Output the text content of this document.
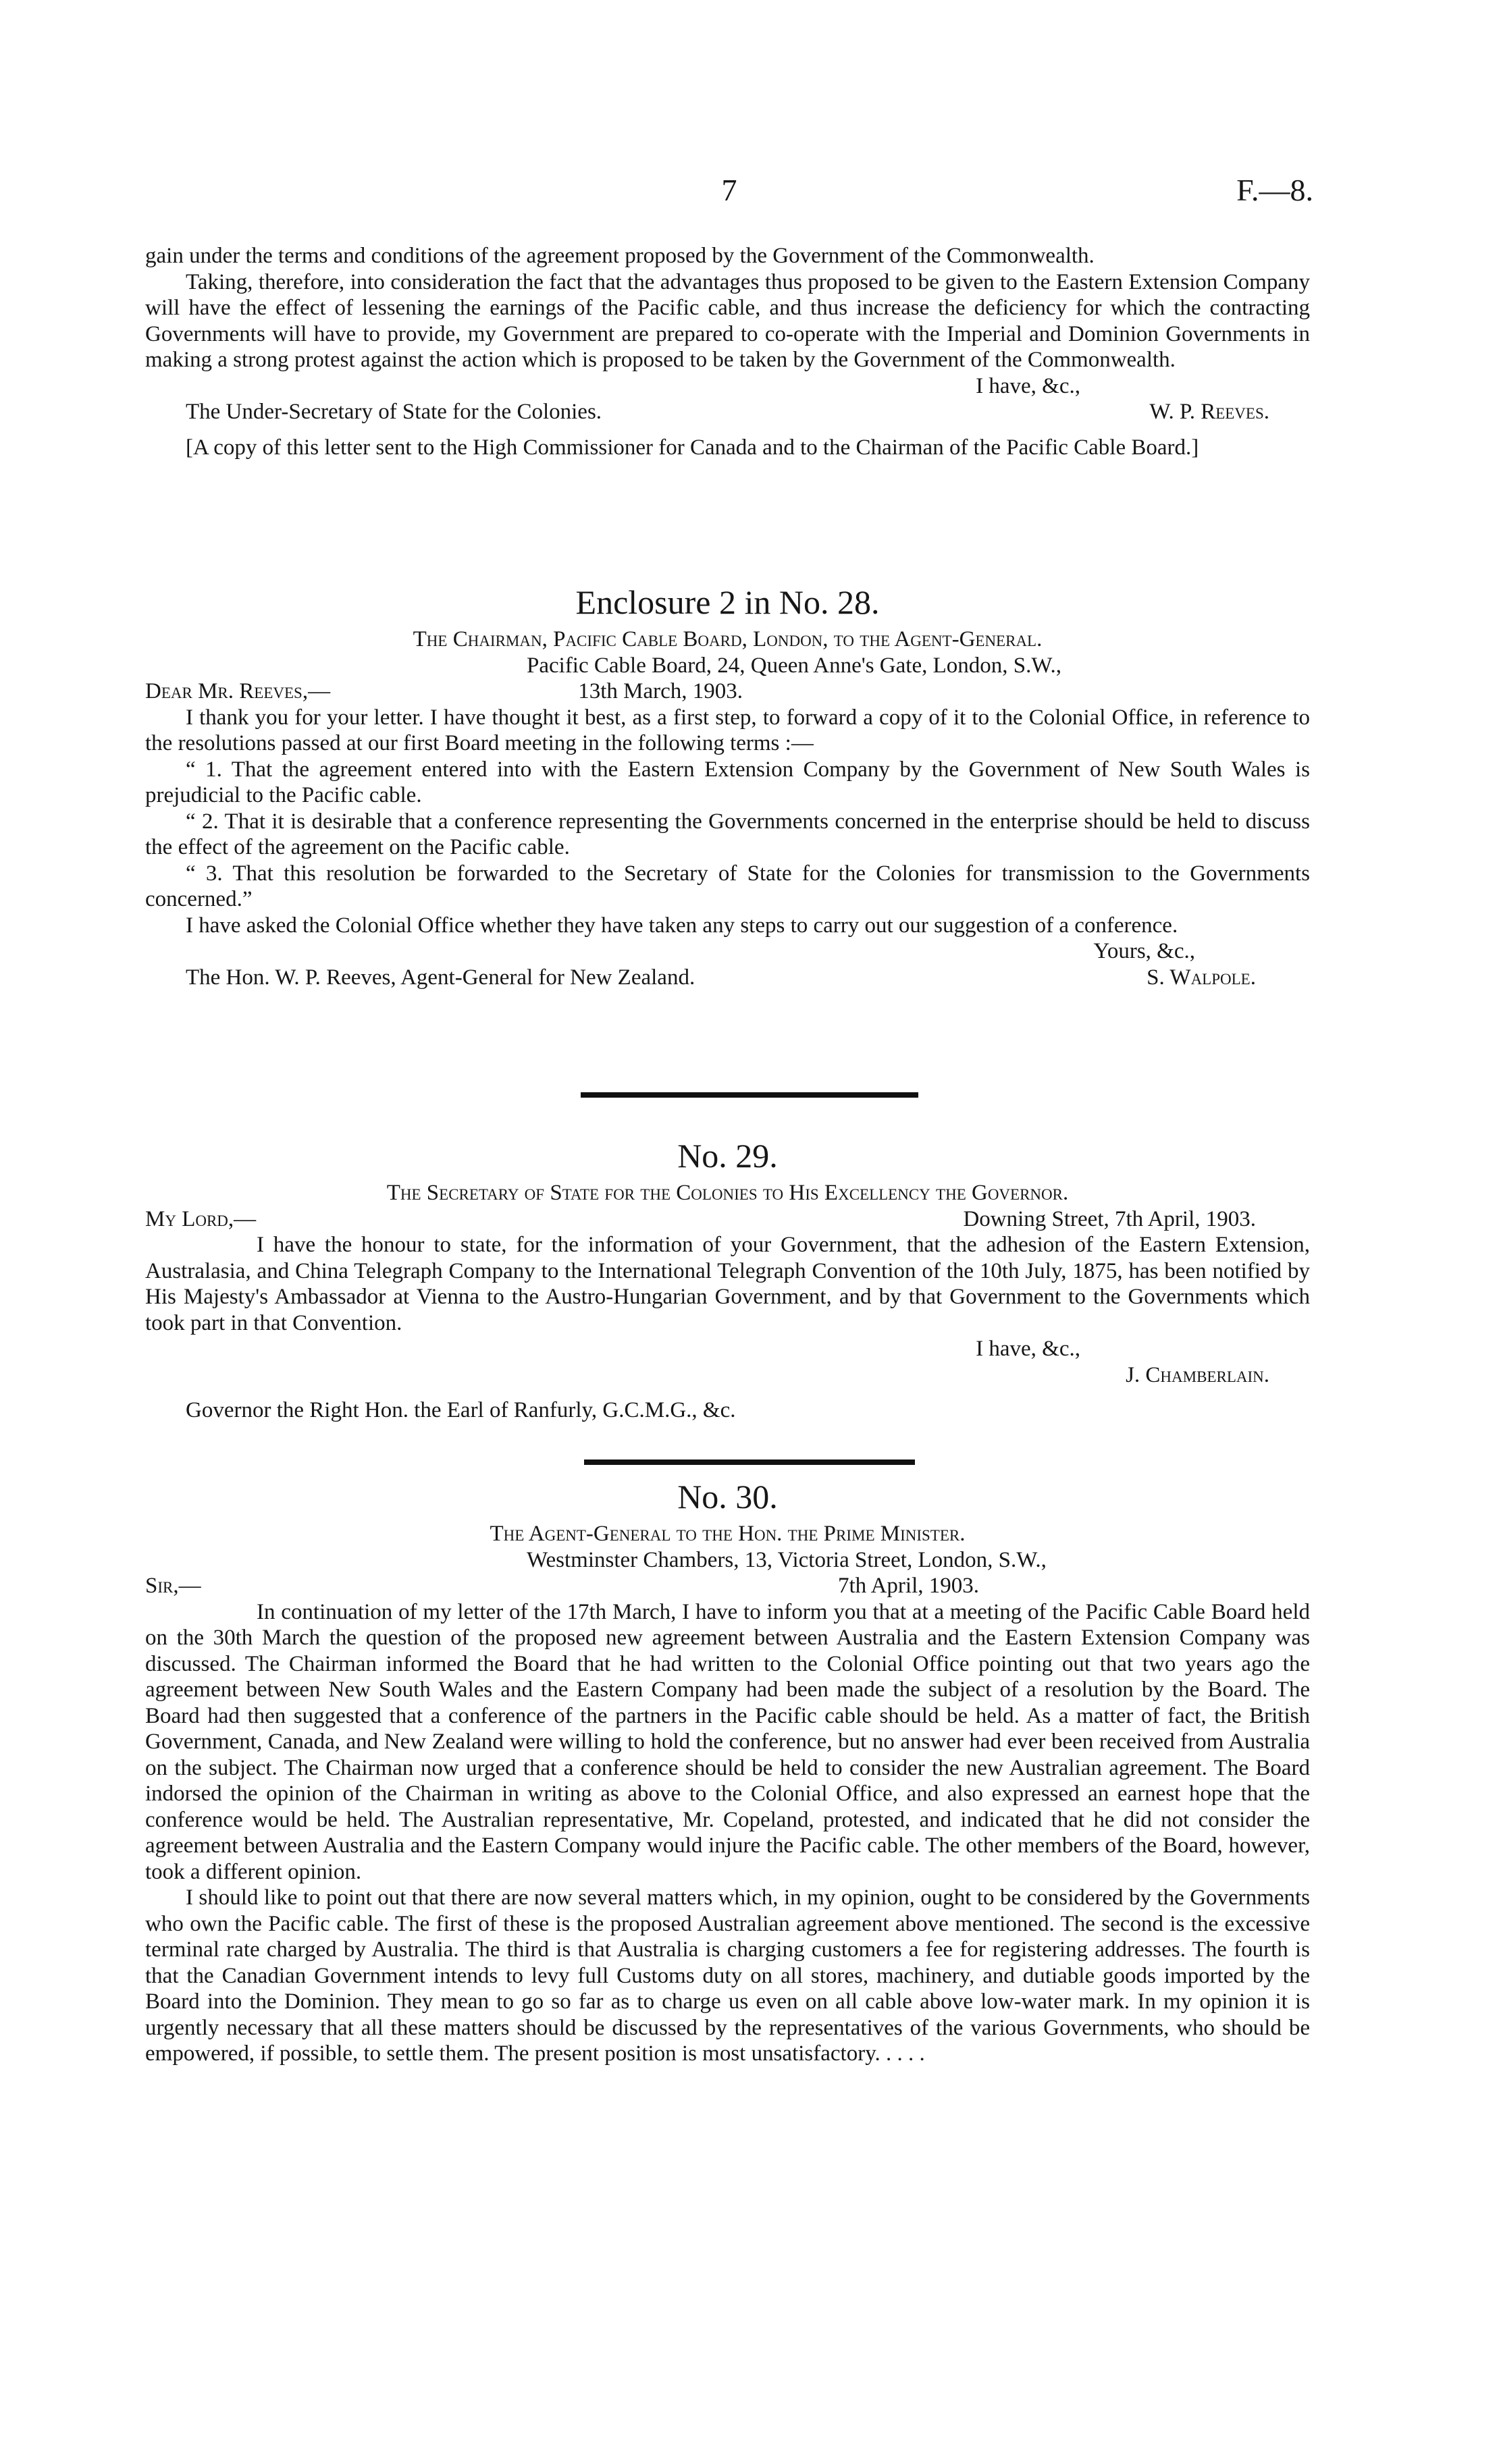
7	F.—8.

gain under the terms and conditions of the agreement proposed by the Government of the Commonwealth.

Taking, therefore, into consideration the fact that the advantages thus proposed to be given to the Eastern Extension Company will have the effect of lessening the earnings of the Pacific cable, and thus increase the deficiency for which the contracting Governments will have to provide, my Government are prepared to co-operate with the Imperial and Dominion Governments in making a strong protest against the action which is proposed to be taken by the Government of the Commonwealth.

I have, &c.,

The Under-Secretary of State for the Colonies.	W. P. Reeves.

[A copy of this letter sent to the High Commissioner for Canada and to the Chairman of the Pacific Cable Board.]

Enclosure 2 in No. 28.

The Chairman, Pacific Cable Board, London, to the Agent-General.

Pacific Cable Board, 24, Queen Anne's Gate, London, S.W.,

Dear Mr. Reeves,—	13th March, 1903.

I thank you for your letter. I have thought it best, as a first step, to forward a copy of it to the Colonial Office, in reference to the resolutions passed at our first Board meeting in the following terms :—

“ 1. That the agreement entered into with the Eastern Extension Company by the Government of New South Wales is prejudicial to the Pacific cable.

“ 2. That it is desirable that a conference representing the Governments concerned in the enterprise should be held to discuss the effect of the agreement on the Pacific cable.

“ 3. That this resolution be forwarded to the Secretary of State for the Colonies for transmission to the Governments concerned.”

I have asked the Colonial Office whether they have taken any steps to carry out our suggestion of a conference.

Yours, &c.,

The Hon. W. P. Reeves, Agent-General for New Zealand.	S. Walpole.
No. 29.

The Secretary of State for the Colonies to His Excellency the Governor.

My Lord,—	Downing Street, 7th April, 1903.

I have the honour to state, for the information of your Government, that the adhesion of the Eastern Extension, Australasia, and China Telegraph Company to the International Telegraph Convention of the 10th July, 1875, has been notified by His Majesty's Ambassador at Vienna to the Austro-Hungarian Government, and by that Government to the Governments which took part in that Convention.

I have, &c.,

J. Chamberlain.

Governor the Right Hon. the Earl of Ranfurly, G.C.M.G., &c.

No. 30.

The Agent-General to the Hon. the Prime Minister.

Westminster Chambers, 13, Victoria Street, London, S.W.,

Sir,—	7th April, 1903.

In continuation of my letter of the 17th March, I have to inform you that at a meeting of the Pacific Cable Board held on the 30th March the question of the proposed new agreement between Australia and the Eastern Extension Company was discussed. The Chairman informed the Board that he had written to the Colonial Office pointing out that two years ago the agreement between New South Wales and the Eastern Company had been made the subject of a resolution by the Board. The Board had then suggested that a conference of the partners in the Pacific cable should be held. As a matter of fact, the British Government, Canada, and New Zealand were willing to hold the conference, but no answer had ever been received from Australia on the subject. The Chairman now urged that a conference should be held to consider the new Australian agreement. The Board indorsed the opinion of the Chairman in writing as above to the Colonial Office, and also expressed an earnest hope that the conference would be held. The Australian representative, Mr. Copeland, protested, and indicated that he did not consider the agreement between Australia and the Eastern Company would injure the Pacific cable. The other members of the Board, however, took a different opinion.

I should like to point out that there are now several matters which, in my opinion, ought to be considered by the Governments who own the Pacific cable. The first of these is the proposed Australian agreement above mentioned. The second is the excessive terminal rate charged by Australia. The third is that Australia is charging customers a fee for registering addresses. The fourth is that the Canadian Government intends to levy full Customs duty on all stores, machinery, and dutiable goods imported by the Board into the Dominion. They mean to go so far as to charge us even on all cable above low-water mark. In my opinion it is urgently necessary that all these matters should be discussed by the representatives of the various Governments, who should be empowered, if possible, to settle them. The present position is most unsatisfactory. . . . .
